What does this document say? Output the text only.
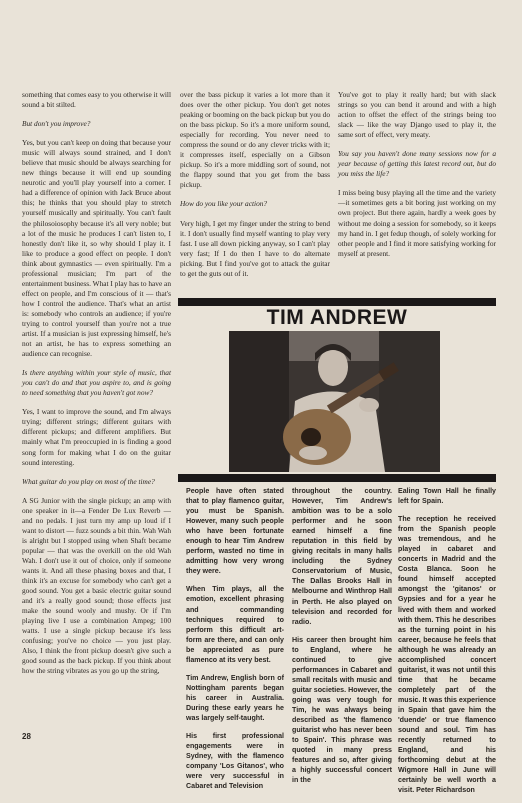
something that comes easy to you otherwise it will sound a bit stilted.

But don't you improve?

Yes, but you can't keep on doing that because your music will always sound strained, and I don't believe that music should be always searching for new things because it will end up sounding neurotic and you'll play yourself into a corner. I had a difference of opinion with Jack Bruce about this; he thinks that you should play to stretch yourself musically and spiritually. You can't fault the philosoiosophy because it's all very noble; but a lot of the music he produces I can't listen to, I honestly don't like it, so why should I play it. I like to produce a good effect on people. I don't think about gymnastics — even spiritually. I'm a professional musician; I'm part of the entertainment business. What I play has to have an effect on people, and I'm conscious of it — that's how I control the audience. That's what an artist is: somebody who controls an audience; if you're trying to control yourself than you're not a true artist. If a musician is just expressing himself, he's not an artist, he has to express something an audience can recognise.

Is there anything within your style of music, that you can't do and that you aspire to, and is going to need something that you haven't got now?

Yes, I want to improve the sound, and I'm always trying; different strings; different guitars with different pickups; and different amplifiers. But mainly what I'm preoccupied in is finding a good song form for making what I do on the guitar sound interesting.

What guitar do you play on most of the time?

A SG Junior with the single pickup; an amp with one speaker in it—a Fender De Lux Reverb — and no pedals. I just turn my amp up loud if I want to distort — fuzz sounds a bit thin. Wah Wah is alright but I stopped using when Shaft became popular — that was the overkill on the old Wah Wah. I don't use it out of choice, only if someone wants it. And all these phasing boxes and that, I think it's an excuse for somebody who can't get a good sound. You get a basic electric guitar sound and it's a really good sound; those effects just make the sound wooly and mushy. Or if I'm playing live I use a combination Ampeg; 100 watts. I use a single pickup because it's less confusing; you've no choice — you just play. Also, I think the front pickup doesn't give such a good sound as the back pickup. If you think about how the string vibrates as you go up the string,

over the bass pickup it varies a lot more than it does over the other pickup. You don't get notes peaking or booming on the back pickup but you do on the bass pickup. So it's a more uniform sound, especially for recording. You never need to compress the sound or do any clever tricks with it; it compresses itself, especially on a Gibson pickup. So it's a more middling sort of sound, not the flappy sound that you get from the bass pickup.

How do you like your action?

Very high, I get my finger under the string to bend it. I don't usually find myself wanting to play very fast. I use all down picking anyway, so I can't play very fast; If I do then I have to do alternate picking. But I find you've got to attack the guitar to get the guts out of it.

You've got to play it really hard; but with slack strings so you can bend it around and with a high action to offset the effect of the strings being too slack — like the way Django used to play it, the same sort of effect, very meaty.

You say you haven't done many sessions now for a year because of getting this latest record out, but do you miss the life?

I miss being busy playing all the time and the variety —it sometimes gets a bit boring just working on my own project. But there again, hardly a week goes by without me doing a session for somebody, so it keeps my hand in. I get fedup though, of solely working for other people and I find it more satisfying working for myself at present.

TIM ANDREW

People have often stated that to play flamenco guitar, you must be Spanish. However, many such people who have been fortunate enough to hear Tim Andrew perform, wasted no time in admitting how very wrong they were.

When Tim plays, all the emotion, excellent phrasing and commanding techniques required to perform this difficult art-form are there, and can only be appreciated as pure flamenco at its very best.

Tim Andrew, English born of Nottingham parents began his career in Australia. During these early years he was largely self-taught.

His first professional engagements were in Sydney, with the flamenco company 'Los Gitanos', who were very successful in Cabaret and Television

throughout the country. However, Tim Andrew's ambition was to be a solo performer and he soon earned himself a fine reputation in this field by giving recitals in many halls including the Sydney Conservatorium of Music, The Dallas Brooks Hall in Melbourne and Winthrop Hall in Perth. He also played on television and recorded for radio.

His career then brought him to England, where he continued to give performances in Cabaret and small recitals with music and guitar societies. However, the going was very tough for Tim, he was always being described as 'the flamenco guitarist who has never been to Spain'. This phrase was quoted in many press features and so, after giving a highly successful concert in the

Ealing Town Hall he finally left for Spain.

The reception he received from the Spanish people was tremendous, and he played in cabaret and concerts in Madrid and the Costa Blanca. Soon he found himself accepted amongst the 'gitanos' or Gypsies and for a year he lived with them and worked with them. This he describes as the turning point in his career, because he feels that although he was already an accomplished concert guitarist, it was not until this time that he became completely part of the music. It was this experience in Spain that gave him the 'duende' or true flamenco sound and soul. Tim has recently returned to England, and his forthcoming debut at the Wigmore Hall in June will certainly be well worth a visit. Peter Richardson

28
